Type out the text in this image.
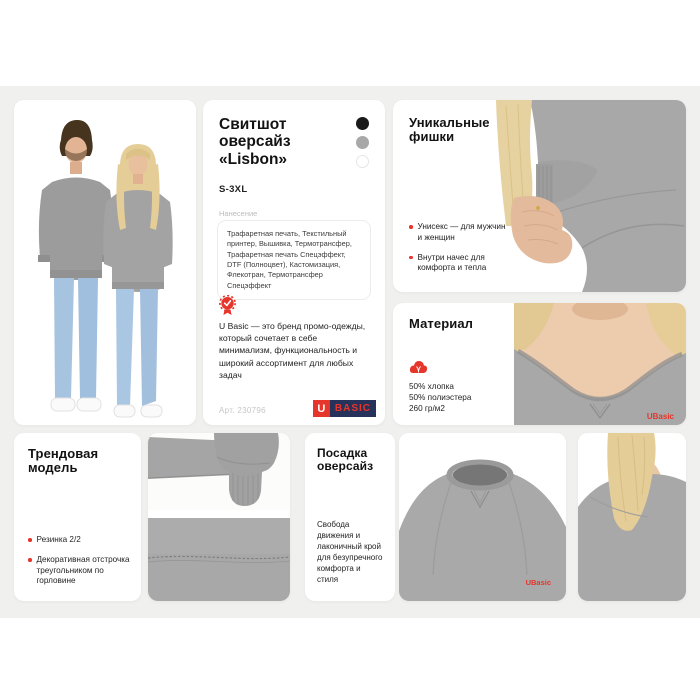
Свитшот оверсайз «Lisbon»
S-3XL
Нанесение
Трафаретная печать, Текстильный принтер, Вышивка, Термотрансфер, Трафаретная печать Спецэффект, DTF (Полноцвет), Кастомизация, Флекотран, Термотрансфер Спецэффект
U Basic — это бренд промо-одежды, который сочетает в себе минимализм, функциональность и широкий ассортимент для любых задач
Арт. 230796	U BASIC
Уникальные фишки
Унисекс — для мужчин и женщин
Внутри начес для комфорта и тепла
UBasic
Материал
50% хлопка
50% полиэстера
260 гр/м2
Трендовая модель
Резинка 2/2
Декоративная отстрочка треугольником по горловине
Посадка оверсайз
Свобода движения и лаконичный крой для безупречного комфорта и стиля	UBasic
